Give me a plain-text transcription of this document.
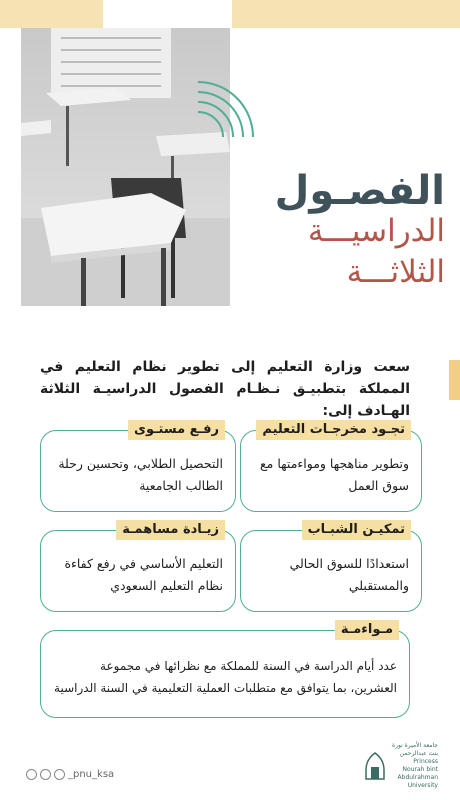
الفصـول
الدراسيـــة
الثلاثـــة
سعت وزارة التعليم إلى تطوير نظام التعليم في المملكة بتطبيـق نـظـام الفصول الدراسيـة الثلاثة الهـادف إلى:
تجـود مخرجـات التعليم
وتطوير مناهجها ومواءمتها مع سوق العمل
رفـع مستـوى
التحصيل الطلابي، وتحسين رحلة الطالب الجامعية
تمكيـن الشبـاب
استعدادًا للسوق الحالي والمستقبلي
زيـادة مساهمـة
التعليم الأساسي في رفع كفاءة نظام التعليم السعودي
مـواءمـة
عدد أيام الدراسة في السنة للمملكة مع نظرائها في مجموعة العشرين، بما يتوافق مع متطلبات العملية التعليمية في السنة الدراسية
_pnu_ksa
جامعة الأميرة نورة بنت عبدالرحمن Princess Nourah bint Abdulrahman University
